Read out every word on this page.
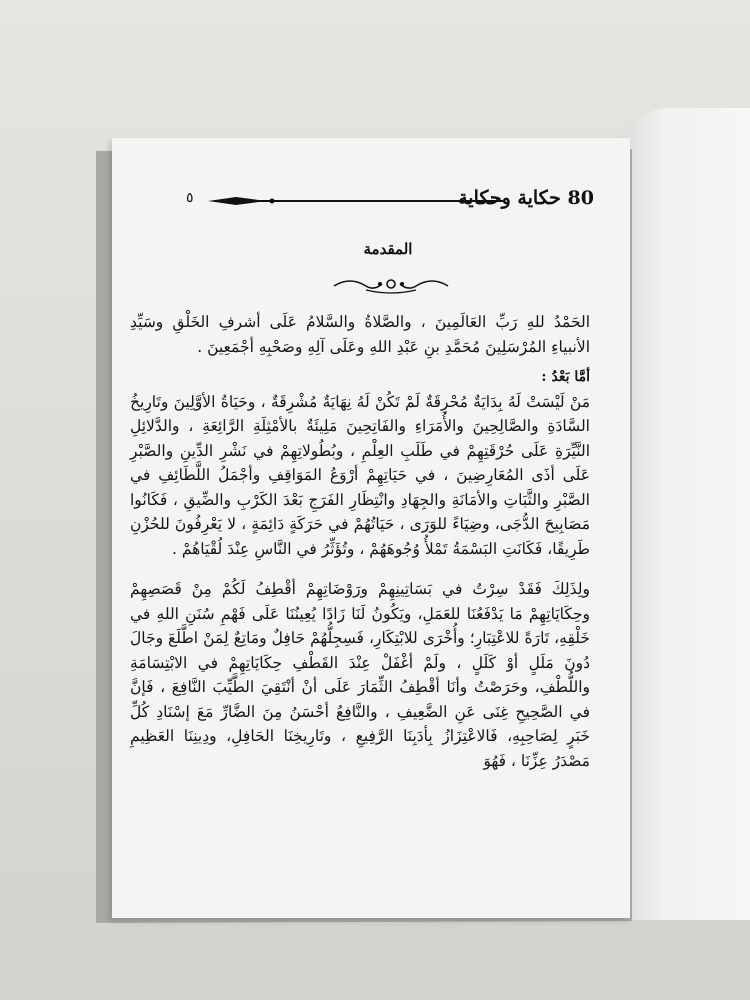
٥	80 حكاية وحكاية
المقدمة

الحَمْدُ للهِ رَبِّ العَالَمِينَ ، والصَّلاةُ والسَّلامُ عَلَى أشرفِ الخَلْقِ وسَيِّدِ الأنبياءِ المُرْسَلِينَ مُحَمَّدِ بنِ عَبْدِ اللهِ وعَلَى آلِهِ وصَحْبِهِ أجْمَعِينَ .

أمَّا بَعْدُ :

مَنْ لَيْسَتْ لَهُ بِدَايَةٌ مُحْرِقَةٌ لَمْ تَكُنْ لَهُ نِهَايَةٌ مُشْرِقَةٌ ، وحَيَاةُ الأوَّلِينَ وتَارِيخُ السَّادَةِ والصَّالِحِينَ والأُمَرَاءِ والفَاتِحِينَ مَلِيئَةٌ بالأمْثِلَةِ الرَّائِعَةِ ، والدَّلائِلِ النَّيِّرَةِ عَلَى حُرْقَتِهِمْ في طَلَبِ العِلْمِ ، وبُطُولاتِهِمْ في نَشْرِ الدِّينِ والصَّبْرِ عَلَى أذَى المُعَارِضِينَ ، في حَيَاتِهِمْ أرْوَعُ المَوَاقِفِ وأجْمَلُ اللَّطَائِفِ في الصَّبْرِ والثَّبَاتِ والأمَانَةِ والجِهَادِ وانْتِظَارِ الفَرَجِ بَعْدَ الكَرْبِ والضِّيقِ ، فَكَانُوا مَصَابِيحَ الدُّجَى، وضِيَاءً للوَرَى ، حَيَاتُهُمْ في حَرَكَةٍ دَائِمَةٍ ، لا يَعْرِفُونَ للحُزْنِ طَرِيقًا، فَكَانَتِ البَسْمَةُ تَمْلأُ وُجُوهَهُمْ ، وتُؤَثِّرُ في النَّاسِ عِنْدَ لُقْيَاهُمْ .

ولِذَلِكَ فَقَدْ سِرْتُ في بَسَاتِينِهِمْ ورَوْضَاتِهِمْ أقْطِفُ لَكُمْ مِنْ قَصَصِهِمْ وحِكَايَاتِهِمْ مَا يَدْفَعُنَا للعَمَلِ، ويَكُونُ لَنَا زَادًا يُعِينُنَا عَلَى فَهْمِ سُنَنِ اللهِ في خَلْقِهِ، تَارَةً للاعْتِبَارِ؛ وأُخْرَى للابْتِكَارِ، فَسِجِلُّهُمْ حَافِلٌ ومَاتِعٌ لِمَنْ اطَّلَعَ وجَالَ دُونَ مَلَلٍ أوْ كَلَلٍ ، ولَمْ أغْفَلْ عِنْدَ القَطْفِ حِكَايَاتِهِمْ في الابْتِسَامَةِ واللُّطْفِ، وحَرَصْتُ وأنَا أقْطِفُ الثِّمَارَ عَلَى أنْ أنْتَقِيَ الطَّيِّبَ النَّافِعَ ، فَإنَّ في الصَّحِيحِ غِنَى عَنِ الضَّعِيفِ ، والنَّافِعُ أحْسَنُ مِنَ الضَّارِّ مَعَ إسْنَادِ كُلِّ خَبَرٍ لِصَاحِبِهِ، فَالاعْتِزَازُ بِأدَبِنَا الرَّفِيعِ ، وتَارِيخِنَا الحَافِلِ، ودِينِنَا العَظِيمِ مَصْدَرُ عِزِّنَا ، فَهُوَ
